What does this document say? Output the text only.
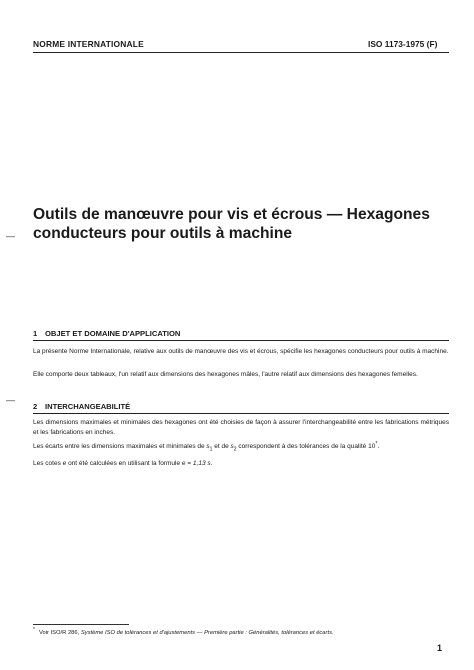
NORME INTERNATIONALE	ISO 1173-1975 (F)
Outils de manœuvre pour vis et écrous — Hexagones
conducteurs pour outils à machine
—
1 OBJET ET DOMAINE D'APPLICATION
La présente Norme Internationale, relative aux outils de manœuvre des vis et écrous, spécifie les hexagones conducteurs pour outils à machine.
Elle comporte deux tableaux, l'un relatif aux dimensions des hexagones mâles, l'autre relatif aux dimensions des hexagones femelles.
—
2 INTERCHANGEABILITÉ
Les dimensions maximales et minimales des hexagones ont été choisies de façon à assurer l'interchangeabilité entre les fabrications métriques et les fabrications en inches.
Les écarts entre les dimensions maximales et minimales de $s_1$ et de $s_2$ correspondent à des tolérances de la qualité 10*.
Les cotes e ont été calculées en utilisant la formule e = 1,13 s.
* Voir ISO/R 286, Système ISO de tolérances et d'ajustements — Première partie : Généralités, tolérances et écarts.
1
